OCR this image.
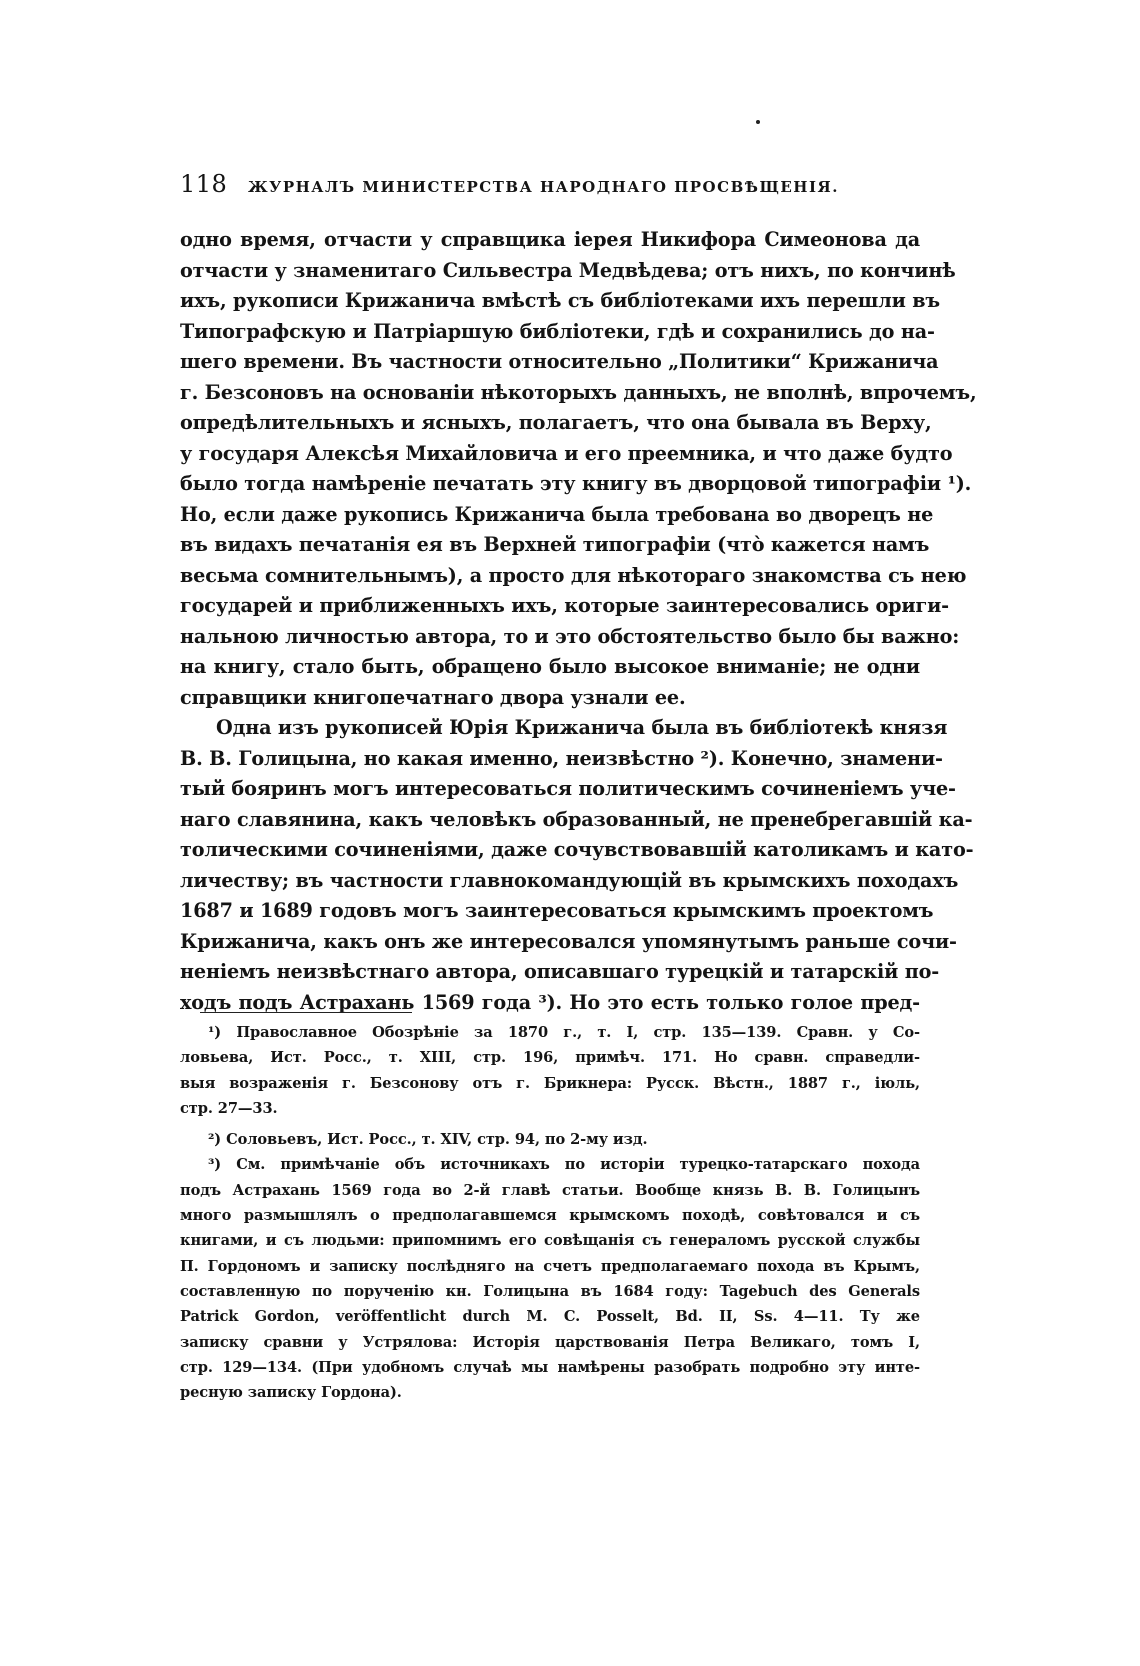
118 ЖУРНАЛЪ МИНИСТЕРСТВА НАРОДНАГО ПРОСВѢЩЕНІЯ.
одно время, отчасти у справщика іерея Никифора Симеонова да
отчасти у знаменитаго Сильвестра Медвѣдева; отъ нихъ, по кончинѣ
ихъ, рукописи Крижанича вмѣстѣ съ библіотеками ихъ перешли въ
Типографскую и Патріаршую библіотеки, гдѣ и сохранились до на-
шего времени. Въ частности относительно „Политики“ Крижанича
г. Безсоновъ на основаніи нѣкоторыхъ данныхъ, не вполнѣ, впрочемъ,
опредѣлительныхъ и ясныхъ, полагаетъ, что она бывала въ Верху,
у государя Алексѣя Михайловича и его преемника, и что даже будто
было тогда намѣреніе печатать эту книгу въ дворцовой типографіи ¹).
Но, если даже рукопись Крижанича была требована во дворецъ не
въ видахъ печатанія ея въ Верхней типографіи (что̀ кажется намъ
весьма сомнительнымъ), а просто для нѣкотораго знакомства съ нею
государей и приближенныхъ ихъ, которые заинтересовались ориги-
нальною личностью автора, то и это обстоятельство было бы важно:
на книгу, стало быть, обращено было высокое вниманіе; не одни
справщики книгопечатнаго двора узнали ее.
Одна изъ рукописей Юрія Крижанича была въ библіотекѣ князя
В. В. Голицына, но какая именно, неизвѣстно ²). Конечно, знамени-
тый бояринъ могъ интересоваться политическимъ сочиненіемъ уче-
наго славянина, какъ человѣкъ образованный, не пренебрегавшій ка-
толическими сочиненіями, даже сочувствовавшій католикамъ и като-
личеству; въ частности главнокомандующій въ крымскихъ походахъ
1687 и 1689 годовъ могъ заинтересоваться крымскимъ проектомъ
Крижанича, какъ онъ же интересовался упомянутымъ раньше сочи-
неніемъ неизвѣстнаго автора, описавшаго турецкій и татарскій по-
ходъ подъ Астрахань 1569 года ³). Но это есть только голое пред-
¹) Православное Обозрѣніе за 1870 г., т. I, стр. 135—139. Сравн. у Со-
ловьева, Ист. Росс., т. XIII, стр. 196, примѣч. 171. Но сравн. справедли-
выя возраженія г. Безсонову отъ г. Брикнера: Русск. Вѣстн., 1887 г., іюль,
стр. 27—33.
²) Соловьевъ, Ист. Росс., т. XIV, стр. 94, по 2-му изд.
³) См. примѣчаніе объ источникахъ по исторіи турецко-татарскаго похода
подъ Астрахань 1569 года во 2-й главѣ статьи. Вообще князь В. В. Голицынъ
много размышлялъ о предполагавшемся крымскомъ походѣ, совѣтовался и съ
книгами, и съ людьми: припомнимъ его совѣщанія съ генераломъ русской службы
П. Гордономъ и записку послѣдняго на счетъ предполагаемаго похода въ Крымъ,
составленную по порученію кн. Голицына въ 1684 году: Tagebuch des Generals
Patrick Gordon, veröffentlicht durch M. C. Posselt, Bd. II, Ss. 4—11. Ту же
записку сравни у Устрялова: Исторія царствованія Петра Великаго, томъ I,
стр. 129—134. (При удобномъ случаѣ мы намѣрены разобрать подробно эту инте-
ресную записку Гордона).
